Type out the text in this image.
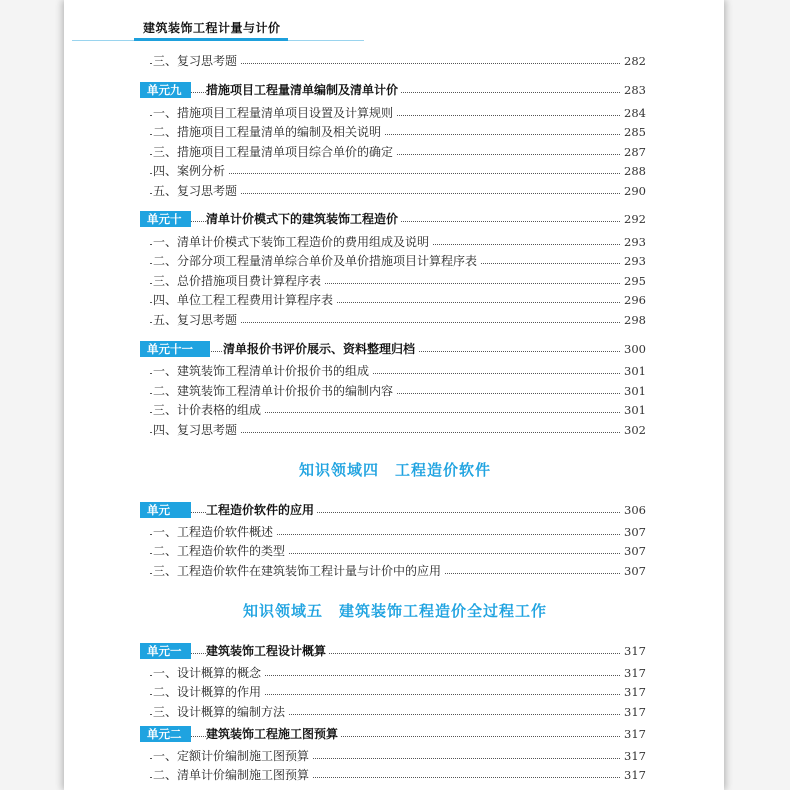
建筑装饰工程计量与计价
三、复习思考题	282
单元九	措施项目工程量清单编制及清单计价	283
一、措施项目工程量清单项目设置及计算规则	284
二、措施项目工程量清单的编制及相关说明	285
三、措施项目工程量清单项目综合单价的确定	287
四、案例分析	288
五、复习思考题	290
单元十	清单计价模式下的建筑装饰工程造价	292
一、清单计价模式下装饰工程造价的费用组成及说明	293
二、分部分项工程量清单综合单价及单价措施项目计算程序表	293
三、总价措施项目费计算程序表	295
四、单位工程工程费用计算程序表	296
五、复习思考题	298
单元十一	清单报价书评价展示、资料整理归档	300
一、建筑装饰工程清单计价报价书的组成	301
二、建筑装饰工程清单计价报价书的编制内容	301
三、计价表格的组成	301
四、复习思考题	302
知识领域四　工程造价软件
单元	工程造价软件的应用	306
一、工程造价软件概述	307
二、工程造价软件的类型	307
三、工程造价软件在建筑装饰工程计量与计价中的应用	307
知识领域五　建筑装饰工程造价全过程工作
单元一	建筑装饰工程设计概算	317
一、设计概算的概念	317
二、设计概算的作用	317
三、设计概算的编制方法	317
单元二	建筑装饰工程施工图预算	317
一、定额计价编制施工图预算	317
二、清单计价编制施工图预算	317
